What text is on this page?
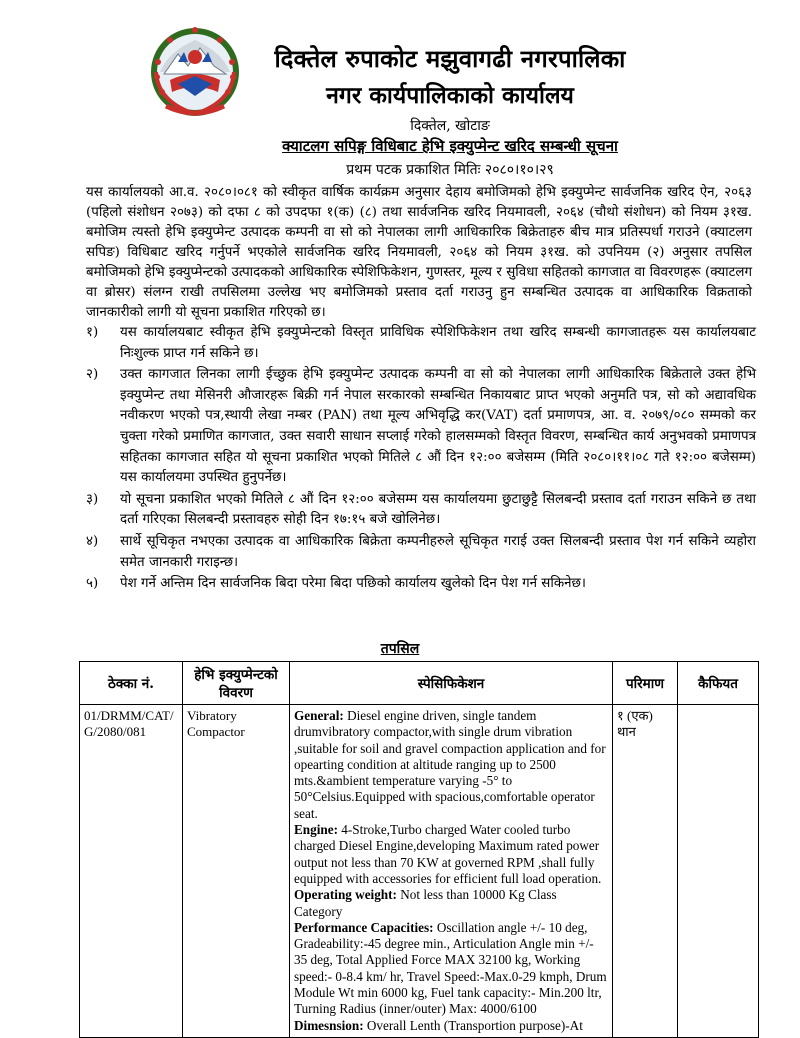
दिक्तेल रुपाकोट मझुवागढी नगरपालिका
नगर कार्यपालिकाको कार्यालय
दिक्तेल, खोटाङ
क्याटलग सपिङ्ग विधिबाट हेभि इक्युप्मेन्ट खरिद सम्बन्धी सूचना
प्रथम पटक प्रकाशित मितिः २०८०।१०।२९

यस कार्यालयको आ.व. २०८०।०८१ को स्वीकृत वार्षिक कार्यक्रम अनुसार देहाय बमोजिमको हेभि इक्युप्मेन्ट सार्वजनिक खरिद ऐन, २०६३ (पहिलो संशोधन २०७३) को दफा ८ को उपदफा १(क) (८) तथा सार्वजनिक खरिद नियमावली, २०६४ (चौथो संशोधन) को नियम ३१ख. बमोजिम त्यस्तो हेभि इक्युप्मेन्ट उत्पादक कम्पनी वा सो को नेपालका लागी आधिकारिक बिक्रेताहरु बीच मात्र प्रतिस्पर्धा गराउने (क्याटलग सपिङ) विधिबाट खरिद गर्नुपर्ने भएकोले सार्वजनिक खरिद नियमावली, २०६४ को नियम ३१ख. को उपनियम (२) अनुसार तपसिल बमोजिमको हेभि इक्युप्मेन्टको उत्पादकको आधिकारिक स्पेशिफिकेशन, गुणस्तर, मूल्य र सुविधा सहितको कागजात वा विवरणहरू (क्याटलग वा ब्रोसर) संलग्न राखी तपसिलमा उल्लेख भए बमोजिमको प्रस्ताव दर्ता गराउनु हुन सम्बन्धित उत्पादक वा आधिकारिक विक्रताको जानकारीको लागी यो सूचना प्रकाशित गरिएको छ।

१) यस कार्यालयबाट स्वीकृत हेभि इक्युप्मेन्टको विस्तृत प्राविधिक स्पेशिफिकेशन तथा खरिद सम्बन्धी कागजातहरू यस कार्यालयबाट निःशुल्क प्राप्त गर्न सकिने छ।
२) उक्त कागजात लिनका लागी ईच्छुक हेभि इक्युप्मेन्ट उत्पादक कम्पनी वा सो को नेपालका लागी आधिकारिक बिक्रेताले उक्त हेभि इक्युप्मेन्ट तथा मेसिनरी औजारहरू बिक्री गर्न नेपाल सरकारको सम्बन्धित निकायबाट प्राप्त भएको अनुमति पत्र, सो को अद्यावधिक नवीकरण भएको पत्र,स्थायी लेखा नम्बर (PAN) तथा मूल्य अभिवृद्धि कर(VAT) दर्ता प्रमाणपत्र, आ. व. २०७९/०८० सम्मको कर चुक्ता गरेको प्रमाणित कागजात, उक्त सवारी साधान सप्लाई गरेको हालसम्मको विस्तृत विवरण, सम्बन्धित कार्य अनुभवको प्रमाणपत्र सहितका कागजात सहित यो सूचना प्रकाशित भएको मितिले ८ औं दिन १२:०० बजेसम्म (मिति २०८०।११।०८ गते १२:०० बजेसम्म) यस कार्यालयमा उपस्थित हुनुपर्नेछ।
३) यो सूचना प्रकाशित भएको मितिले ८ औं दिन १२:०० बजेसम्म यस कार्यालयमा छुटाछुट्टै सिलबन्दी प्रस्ताव दर्ता गराउन सकिने छ तथा दर्ता गरिएका सिलबन्दी प्रस्तावहरु सोही दिन १७:१५ बजे खोलिनेछ।
४) सार्थे सूचिकृत नभएका उत्पादक वा आधिकारिक बिक्रेता कम्पनीहरुले सूचिकृत गराई उक्त सिलबन्दी प्रस्ताव पेश गर्न सकिने व्यहोरा समेत जानकारी गराइन्छ।
५) पेश गर्ने अन्तिम दिन सार्वजनिक बिदा परेमा बिदा पछिको कार्यालय खुलेको दिन पेश गर्न सकिनेछ।
तपसिल
ठेक्का नं.	हेभि इक्युप्मेन्टको विवरण	स्पेसिफिकेशन	परिमाण	कैफियत
01/DRMM/CAT/G/2080/081	Vibratory Compactor	General: Diesel engine driven, single tandem drumvibratory compactor,with single drum vibration ,suitable for soil and gravel compaction application and for opearting condition at altitude ranging up to 2500 mts.&ambient temperature varying -5° to 50°Celsius.Equipped with spacious,comfortable operator seat.
Engine: 4-Stroke,Turbo charged Water cooled turbo charged Diesel Engine,developing Maximum rated power output not less than 70 KW at governed RPM ,shall fully equipped with accessories for efficient full load operation.
Operating weight: Not less than 10000 Kg Class Category
Performance Capacities: Oscillation angle +/- 10 deg, Gradeability:-45 degree min., Articulation Angle min +/- 35 deg, Total Applied Force MAX 32100 kg, Working speed:- 0-8.4 km/ hr, Travel Speed:-Max.0-29 kmph, Drum Module Wt min 6000 kg, Fuel tank capacity:- Min.200 ltr, Turning Radius (inner/outer) Max: 4000/6100
Dimesnsion: Overall Lenth (Transportion purpose)-At	१ (एक) थान	
